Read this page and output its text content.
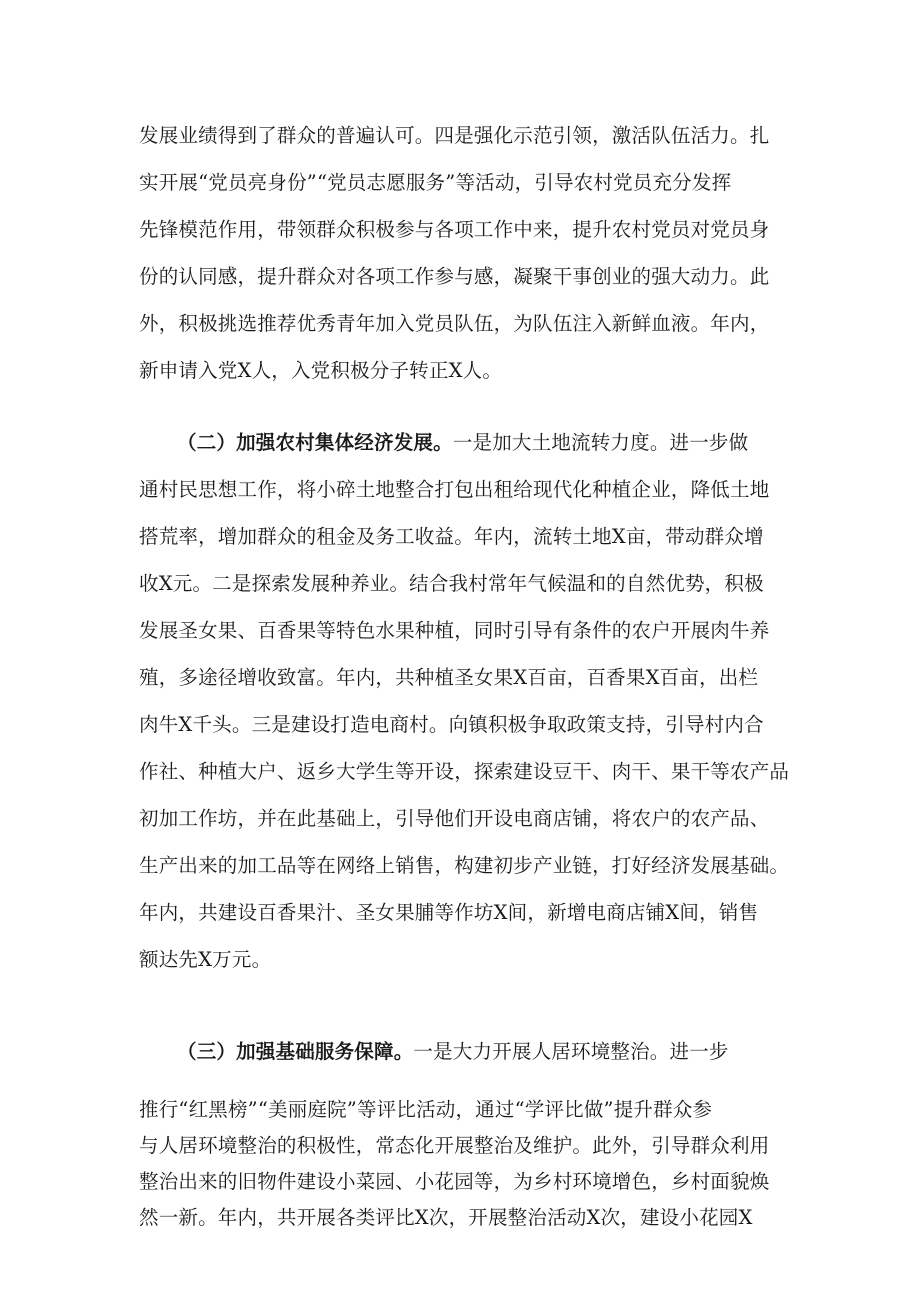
发展业绩得到了群众的普遍认可。四是强化示范引领，激活队伍活力。扎
实开展“党员亮身份”“党员志愿服务”等活动，引导农村党员充分发挥
先锋模范作用，带领群众积极参与各项工作中来，提升农村党员对党员身
份的认同感，提升群众对各项工作参与感，凝聚干事创业的强大动力。此
外，积极挑选推荐优秀青年加入党员队伍，为队伍注入新鲜血液。年内，
新申请入党X人，入党积极分子转正X人。
（二）加强农村集体经济发展。一是加大土地流转力度。进一步做
通村民思想工作，将小碎土地整合打包出租给现代化种植企业，降低土地
搭荒率，增加群众的租金及务工收益。年内，流转土地X亩，带动群众增
收X元。二是探索发展种养业。结合我村常年气候温和的自然优势，积极
发展圣女果、百香果等特色水果种植，同时引导有条件的农户开展肉牛养
殖，多途径增收致富。年内，共种植圣女果X百亩，百香果X百亩，出栏
肉牛X千头。三是建设打造电商村。向镇积极争取政策支持，引导村内合
作社、种植大户、返乡大学生等开设，探索建设豆干、肉干、果干等农产品
初加工作坊，并在此基础上，引导他们开设电商店铺，将农户的农产品、
生产出来的加工品等在网络上销售，构建初步产业链，打好经济发展基础。
年内，共建设百香果汁、圣女果脯等作坊X间，新增电商店铺X间，销售
额达先X万元。
（三）加强基础服务保障。一是大力开展人居环境整治。进一步
推行“红黑榜”“美丽庭院”等评比活动，通过“学评比做”提升群众参
与人居环境整治的积极性，常态化开展整治及维护。此外，引导群众利用
整治出来的旧物件建设小菜园、小花园等，为乡村环境增色，乡村面貌焕
然一新。年内，共开展各类评比X次，开展整治活动X次，建设小花园X
